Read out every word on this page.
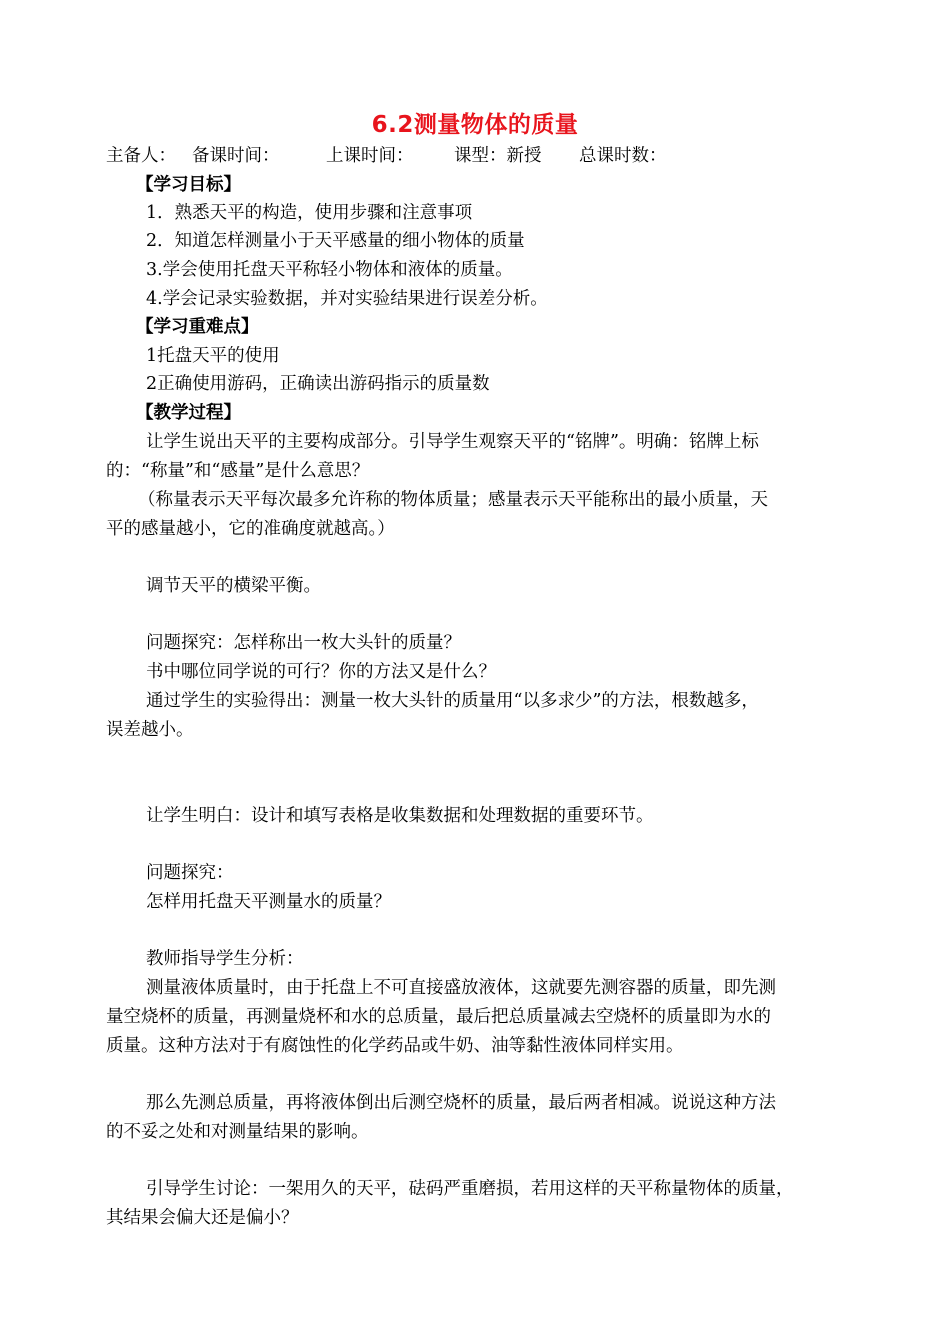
6.2测量物体的质量
主备人： 备课时间：	上课时间： 课型：新授 总课时数：
【学习目标】
1．熟悉天平的构造，使用步骤和注意事项
2．知道怎样测量小于天平感量的细小物体的质量
3.学会使用托盘天平称轻小物体和液体的质量。
4.学会记录实验数据，并对实验结果进行误差分析。
【学习重难点】
1托盘天平的使用
2正确使用游码，正确读出游码指示的质量数
【教学过程】
让学生说出天平的主要构成部分。引导学生观察天平的“铭牌”。明确：铭牌上标
的：“称量”和“感量”是什么意思？
（称量表示天平每次最多允许称的物体质量；感量表示天平能称出的最小质量，天
平的感量越小，它的准确度就越高。）
调节天平的横梁平衡。
问题探究：怎样称出一枚大头针的质量？
书中哪位同学说的可行？你的方法又是什么？
通过学生的实验得出：测量一枚大头针的质量用“以多求少”的方法，根数越多，
误差越小。
让学生明白：设计和填写表格是收集数据和处理数据的重要环节。
问题探究：
怎样用托盘天平测量水的质量？
教师指导学生分析：
测量液体质量时，由于托盘上不可直接盛放液体，这就要先测容器的质量，即先测
量空烧杯的质量，再测量烧杯和水的总质量，最后把总质量减去空烧杯的质量即为水的
质量。这种方法对于有腐蚀性的化学药品或牛奶、油等黏性液体同样实用。
那么先测总质量，再将液体倒出后测空烧杯的质量，最后两者相减。说说这种方法
的不妥之处和对测量结果的影响。
引导学生讨论：一架用久的天平，砝码严重磨损，若用这样的天平称量物体的质量，
其结果会偏大还是偏小？
